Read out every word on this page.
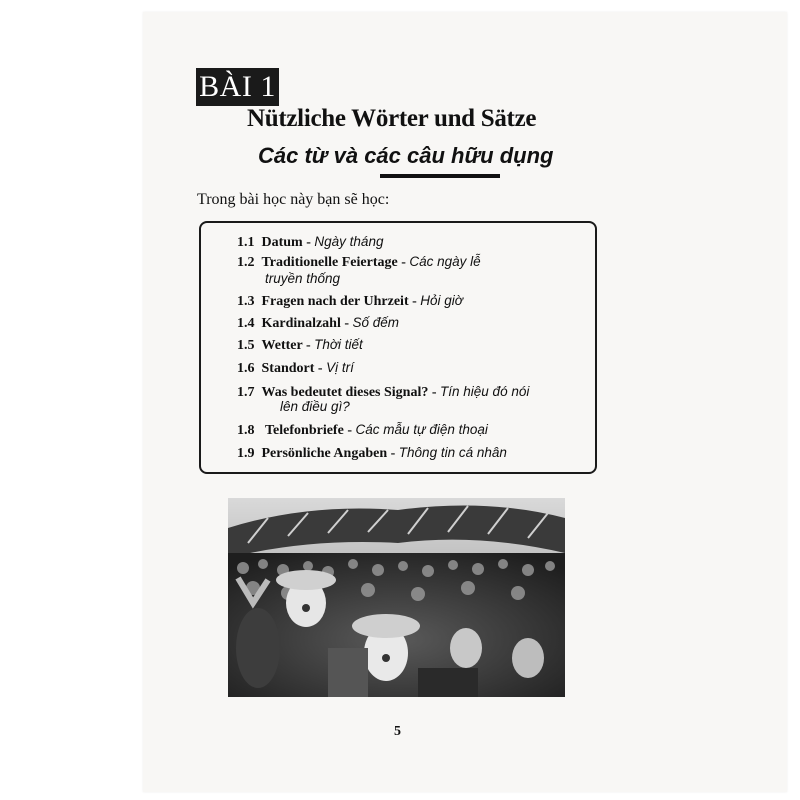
BÀI 1
Nützliche Wörter und Sätze
Các từ và các câu hữu dụng
Trong bài học này bạn sẽ học:
1.1 Datum - Ngày tháng
1.2 Traditionelle Feiertage - Các ngày lễ
truyền thống
1.3 Fragen nach der Uhrzeit - Hỏi giờ
1.4 Kardinalzahl - Số đếm
1.5 Wetter - Thời tiết
1.6 Standort - Vị trí
1.7 Was bedeutet dieses Signal? - Tín hiệu đó nói
lên điều gì?
1.8 Telefonbriefe - Các mẫu tự điện thoại
1.9 Persönliche Angaben - Thông tin cá nhân
5
